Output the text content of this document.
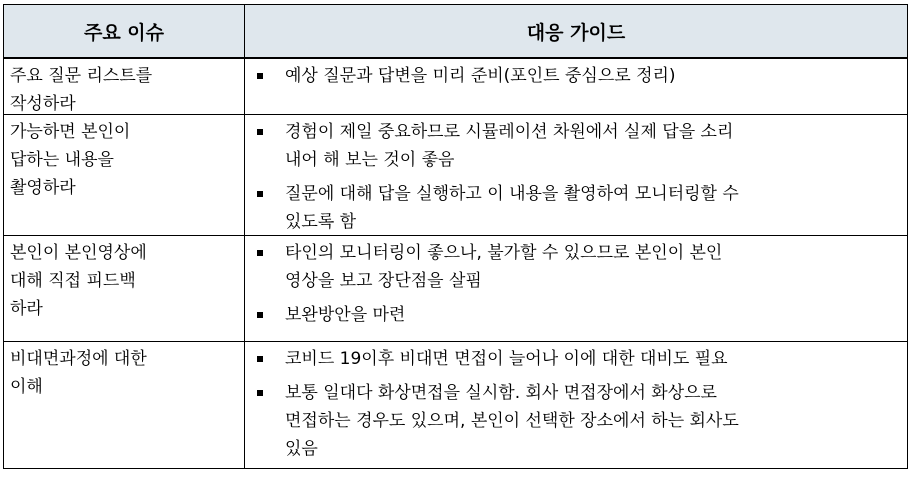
주요 이슈	대응 가이드
주요 질문 리스트를
작성하라
예상 질문과 답변을 미리 준비(포인트 중심으로 정리)
가능하면 본인이
답하는 내용을
촬영하라
경험이 제일 중요하므로 시뮬레이션 차원에서 실제 답을 소리
내어 해 보는 것이 좋음
질문에 대해 답을 실행하고 이 내용을 촬영하여 모니터링할 수
있도록 함
본인이 본인영상에
대해 직접 피드백
하라
타인의 모니터링이 좋으나, 불가할 수 있으므로 본인이 본인
영상을 보고 장단점을 살핌
보완방안을 마련
비대면과정에 대한
이해
코비드 19이후 비대면 면접이 늘어나 이에 대한 대비도 필요
보통 일대다 화상면접을 실시함. 회사 면접장에서 화상으로
면접하는 경우도 있으며, 본인이 선택한 장소에서 하는 회사도
있음
